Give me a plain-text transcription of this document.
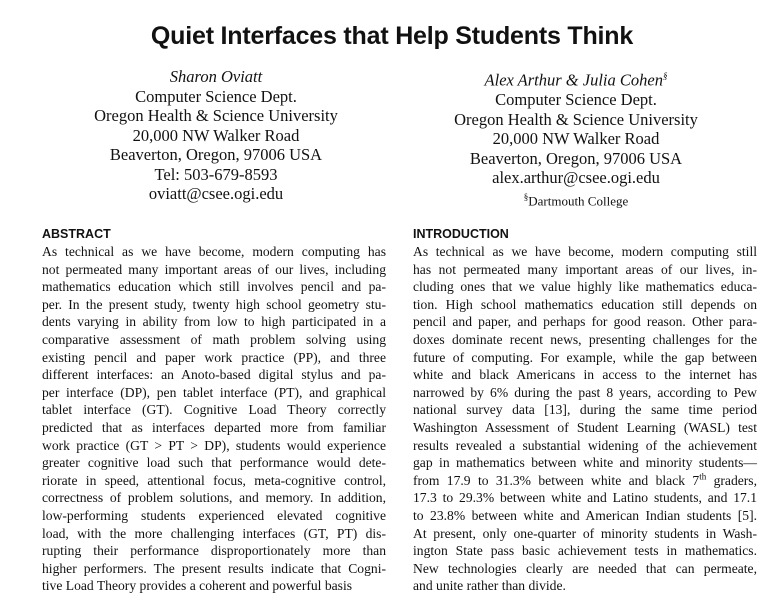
Quiet Interfaces that Help Students Think
Sharon Oviatt
Computer Science Dept.
Oregon Health & Science University
20,000 NW Walker Road
Beaverton, Oregon, 97006 USA
Tel: 503-679-8593
oviatt@csee.ogi.edu
Alex Arthur & Julia Cohen§
Computer Science Dept.
Oregon Health & Science University
20,000 NW Walker Road
Beaverton, Oregon, 97006 USA
alex.arthur@csee.ogi.edu
§Dartmouth College
ABSTRACT
As technical as we have become, modern computing has
not permeated many important areas of our lives, including
mathematics education which still involves pencil and pa-
per. In the present study, twenty high school geometry stu-
dents varying in ability from low to high participated in a
comparative assessment of math problem solving using
existing pencil and paper work practice (PP), and three
different interfaces: an Anoto-based digital stylus and pa-
per interface (DP), pen tablet interface (PT), and graphical
tablet interface (GT). Cognitive Load Theory correctly
predicted that as interfaces departed more from familiar
work practice (GT > PT > DP), students would experience
greater cognitive load such that performance would dete-
riorate in speed, attentional focus, meta-cognitive control,
correctness of problem solutions, and memory. In addition,
low-performing students experienced elevated cognitive
load, with the more challenging interfaces (GT, PT) dis-
rupting their performance disproportionately more than
higher performers. The present results indicate that Cogni-
tive Load Theory provides a coherent and powerful basis
INTRODUCTION
As technical as we have become, modern computing still
has not permeated many important areas of our lives, in-
cluding ones that we value highly like mathematics educa-
tion. High school mathematics education still depends on
pencil and paper, and perhaps for good reason. Other para-
doxes dominate recent news, presenting challenges for the
future of computing. For example, while the gap between
white and black Americans in access to the internet has
narrowed by 6% during the past 8 years, according to Pew
national survey data [13], during the same time period
Washington Assessment of Student Learning (WASL) test
results revealed a substantial widening of the achievement
gap in mathematics between white and minority students—
from 17.9 to 31.3% between white and black 7th graders,
17.3 to 29.3% between white and Latino students, and 17.1
to 23.8% between white and American Indian students [5].
At present, only one-quarter of minority students in Wash-
ington State pass basic achievement tests in mathematics.
New technologies clearly are needed that can permeate,
and unite rather than divide.
